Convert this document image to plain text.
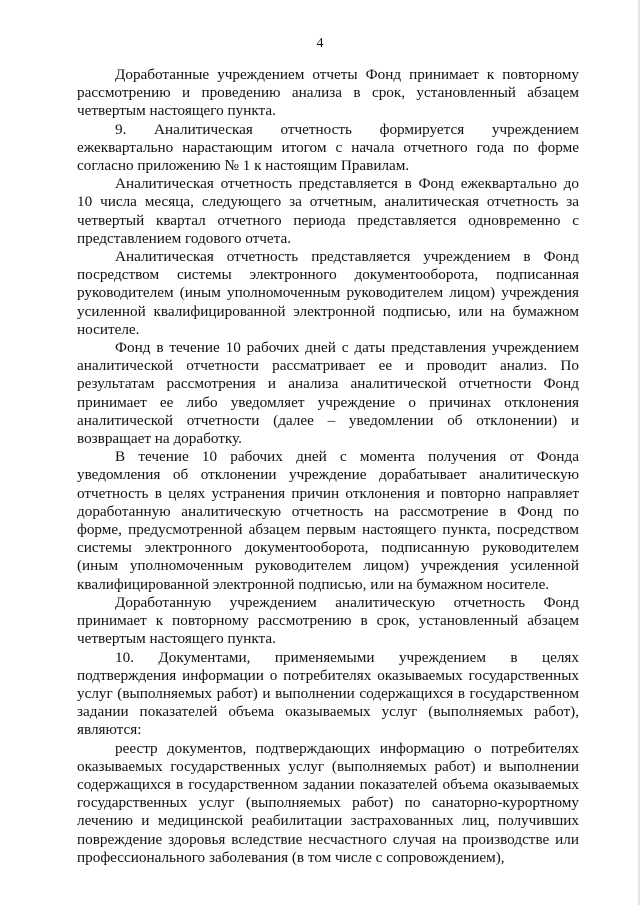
4

Доработанные учреждением отчеты Фонд принимает к повторному рассмотрению и проведению анализа в срок, установленный абзацем четвертым настоящего пункта.

9. Аналитическая отчетность формируется учреждением ежеквартально нарастающим итогом с начала отчетного года по форме согласно приложению № 1 к настоящим Правилам.

Аналитическая отчетность представляется в Фонд ежеквартально до 10 числа месяца, следующего за отчетным, аналитическая отчетность за четвертый квартал отчетного периода представляется одновременно с представлением годового отчета.

Аналитическая отчетность представляется учреждением в Фонд посредством системы электронного документооборота, подписанная руководителем (иным уполномоченным руководителем лицом) учреждения усиленной квалифицированной электронной подписью, или на бумажном носителе.

Фонд в течение 10 рабочих дней с даты представления учреждением аналитической отчетности рассматривает ее и проводит анализ. По результатам рассмотрения и анализа аналитической отчетности Фонд принимает ее либо уведомляет учреждение о причинах отклонения аналитической отчетности (далее – уведомлении об отклонении) и возвращает на доработку.

В течение 10 рабочих дней с момента получения от Фонда уведомления об отклонении учреждение дорабатывает аналитическую отчетность в целях устранения причин отклонения и повторно направляет доработанную аналитическую отчетность на рассмотрение в Фонд по форме, предусмотренной абзацем первым настоящего пункта, посредством системы электронного документооборота, подписанную руководителем (иным уполномоченным руководителем лицом) учреждения усиленной квалифицированной электронной подписью, или на бумажном носителе.

Доработанную учреждением аналитическую отчетность Фонд принимает к повторному рассмотрению в срок, установленный абзацем четвертым настоящего пункта.

10. Документами, применяемыми учреждением в целях подтверждения информации о потребителях оказываемых государственных услуг (выполняемых работ) и выполнении содержащихся в государственном задании показателей объема оказываемых услуг (выполняемых работ), являются:

реестр документов, подтверждающих информацию о потребителях оказываемых государственных услуг (выполняемых работ) и выполнении содержащихся в государственном задании показателей объема оказываемых государственных услуг (выполняемых работ) по санаторно-курортному лечению и медицинской реабилитации застрахованных лиц, получивших повреждение здоровья вследствие несчастного случая на производстве или профессионального заболевания (в том числе с сопровождением),
